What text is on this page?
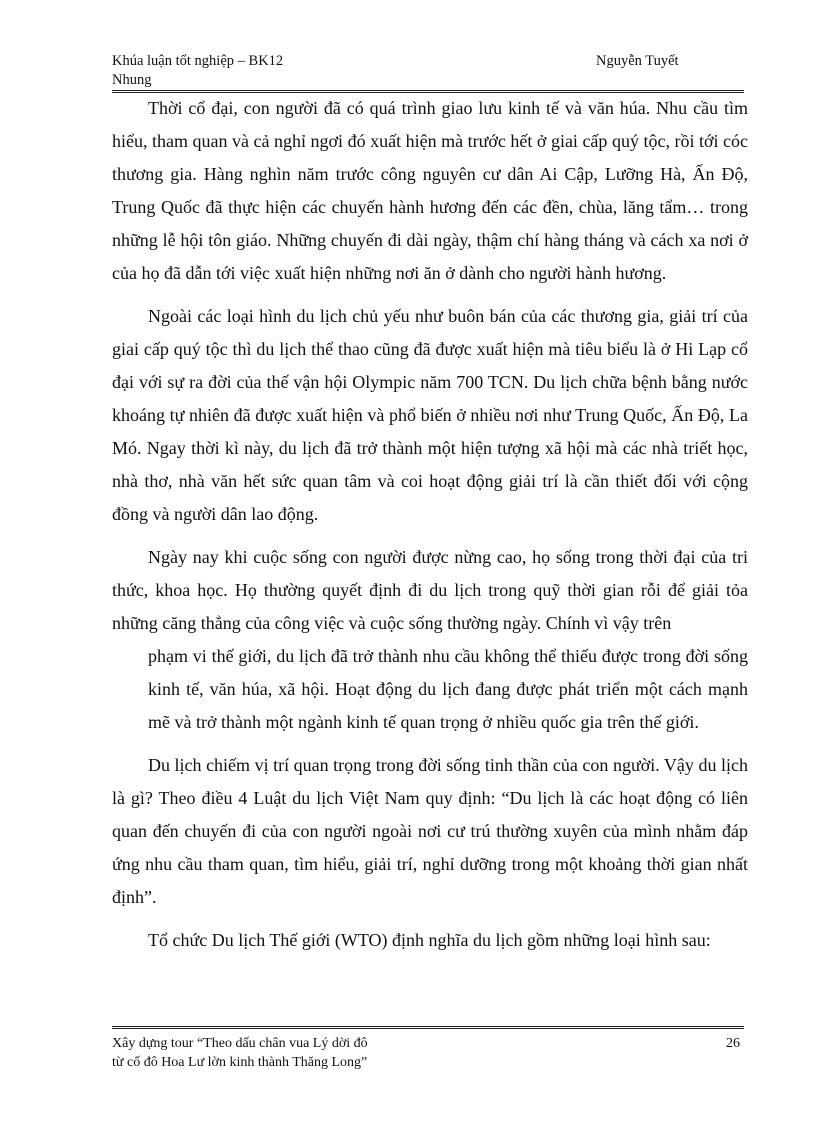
Khúa luận tốt nghiệp – BK12	Nguyễn Tuyết
Nhung

Thời cổ đại, con người đã có quá trình giao lưu kinh tế và văn húa. Nhu cầu tìm hiểu, tham quan và cả nghỉ ngơi đó xuất hiện mà trước hết ở giai cấp quý tộc, rồi tới cóc thương gia. Hàng nghìn năm trước công nguyên cư dân Ai Cập, Lưỡng Hà, Ấn Độ, Trung Quốc đã thực hiện các chuyến hành hương đến các đền, chùa, lăng tẩm… trong những lễ hội tôn giáo. Những chuyến đi dài ngày, thậm chí hàng tháng và cách xa nơi ở của họ đã dẫn tới việc xuất hiện những nơi ăn ở dành cho người hành hương.

Ngoài các loại hình du lịch chủ yếu như buôn bán của các thương gia, giải trí của giai cấp quý tộc thì du lịch thể thao cũng đã được xuất hiện mà tiêu biểu là ở Hi Lạp cổ đại với sự ra đời của thế vận hội Olympic năm 700 TCN. Du lịch chữa bệnh bằng nước khoáng tự nhiên đã được xuất hiện và phổ biến ở nhiều nơi như Trung Quốc, Ấn Độ, La Mó. Ngay thời kì này, du lịch đã trở thành một hiện tượng xã hội mà các nhà triết học, nhà thơ, nhà văn hết sức quan tâm và coi hoạt động giải trí là cần thiết đối với cộng đồng và người dân lao động.

Ngày nay khi cuộc sống con người được nừng cao, họ sống trong thời đại của tri thức, khoa học. Họ thường quyết định đi du lịch trong quỹ thời gian rỗi để giải tỏa những căng thẳng của công việc và cuộc sống thường ngày. Chính vì vậy trên

phạm vi thế giới, du lịch đã trở thành nhu cầu không thể thiếu được trong đời sống kinh tế, văn húa, xã hội. Hoạt động du lịch đang được phát triển một cách mạnh mẽ và trở thành một ngành kinh tế quan trọng ở nhiều quốc gia trên thế giới.

Du lịch chiếm vị trí quan trọng trong đời sống tinh thần của con người. Vậy du lịch là gì? Theo điều 4 Luật du lịch Việt Nam quy định: “Du lịch là các hoạt động có liên quan đến chuyến đi của con người ngoài nơi cư trú thường xuyên của mình nhằm đáp ứng nhu cầu tham quan, tìm hiểu, giải trí, nghỉ dưỡng trong một khoảng thời gian nhất định”.

Tổ chức Du lịch Thế giới (WTO) định nghĩa du lịch gồm những loại hình sau:

Xây dựng tour “Theo dấu chân vua Lý dời đô
từ cố đô Hoa Lư lờn kinh thành Thăng Long”
26
